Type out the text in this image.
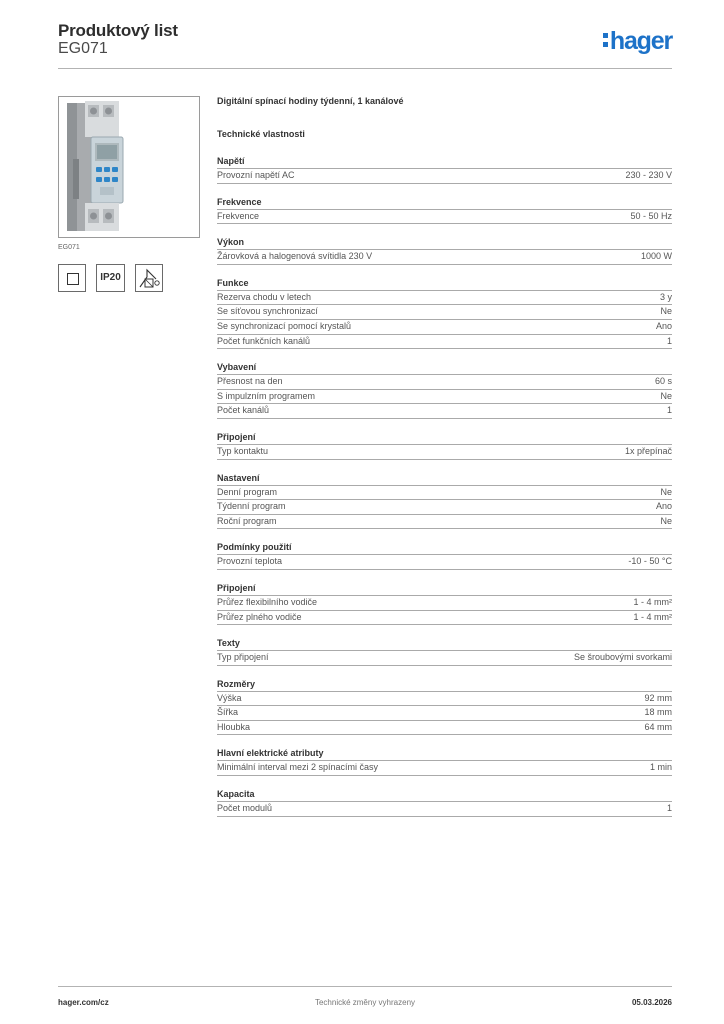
Produktový list
EG071	hager
EG071
IP20
Digitální spínací hodiny týdenní, 1 kanálové
Technické vlastnosti
Napětí
Provozní napětí AC	230 - 230 V
Frekvence
Frekvence	50 - 50 Hz
Výkon
Žárovková a halogenová svítidla 230 V	1000 W
Funkce
Rezerva chodu v letech	3 y
Se síťovou synchronizací	Ne
Se synchronizací pomocí krystalů	Ano
Počet funkčních kanálů	1
Vybavení
Přesnost na den	60 s
S impulzním programem	Ne
Počet kanálů	1
Připojení
Typ kontaktu	1x přepínač
Nastavení
Denní program	Ne
Týdenní program	Ano
Roční program	Ne
Podmínky použití
Provozní teplota	-10 - 50 °C
Připojení
Průřez flexibilního vodiče	1 - 4 mm²
Průřez plného vodiče	1 - 4 mm²
Texty
Typ připojení	Se šroubovými svorkami
Rozměry
Výška	92 mm
Šířka	18 mm
Hloubka	64 mm
Hlavní elektrické atributy
Minimální interval mezi 2 spínacími časy	1 min
Kapacita
Počet modulů	1
hager.com/cz	Technické změny vyhrazeny	05.03.2026
